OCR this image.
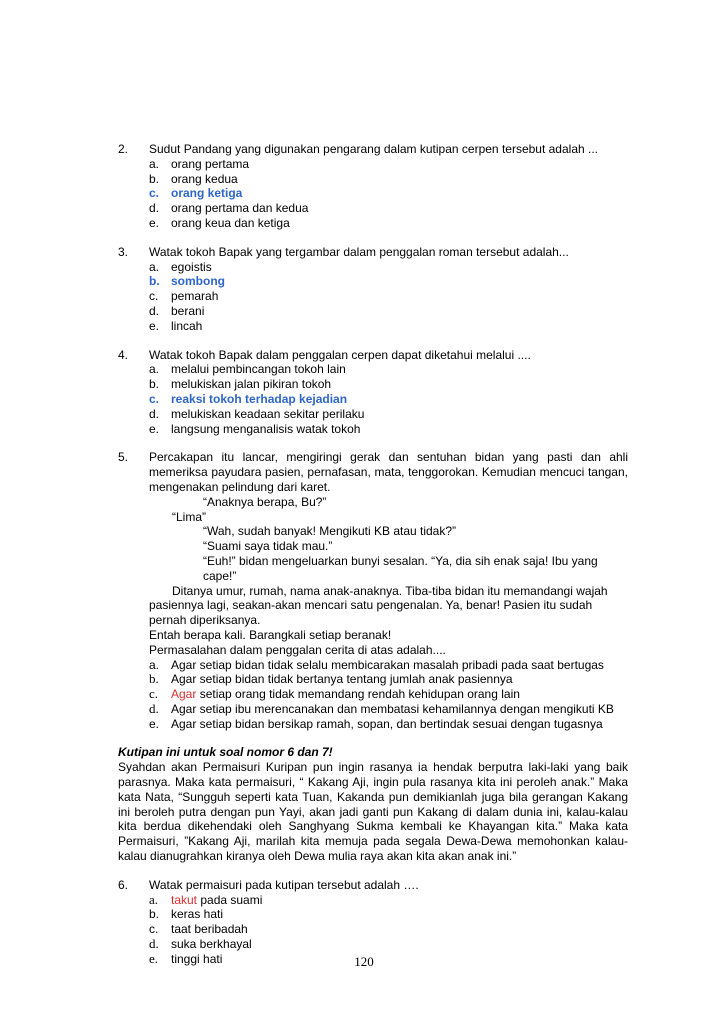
2.	Sudut Pandang yang digunakan pengarang dalam kutipan cerpen tersebut adalah ...
a. orang pertama
b. orang kedua
c. orang ketiga
d. orang pertama dan kedua
e. orang keua dan ketiga
3.	Watak tokoh Bapak yang tergambar dalam penggalan roman tersebut adalah...
a. egoistis
b. sombong
c.	pemarah
d. berani
e. lincah
4.	Watak tokoh Bapak dalam penggalan cerpen dapat diketahui melalui ....
a. melalui pembincangan tokoh lain
b. melukiskan jalan pikiran tokoh
c. reaksi tokoh terhadap kejadian
d. melukiskan keadaan sekitar perilaku
e. langsung menganalisis watak tokoh
5.	Percakapan itu lancar, mengiringi gerak dan sentuhan bidan yang pasti dan ahli memeriksa payudara pasien, pernafasan, mata, tenggorokan. Kemudian mencuci tangan, mengenakan pelindung dari karet.
“Anaknya berapa, Bu?”
“Lima”
“Wah, sudah banyak! Mengikuti KB atau tidak?”
“Suami saya tidak mau.”
“Euh!” bidan mengeluarkan bunyi sesalan. “Ya, dia sih enak saja! Ibu yang cape!”
Ditanya umur, rumah, nama anak-anaknya. Tiba-tiba bidan itu memandangi wajah
pasiennya lagi, seakan-akan mencari satu pengenalan. Ya, benar! Pasien itu sudah
pernah diperiksanya.
Entah berapa kali. Barangkali setiap beranak!
Permasalahan dalam penggalan cerita di atas adalah....
a. Agar setiap bidan tidak selalu membicarakan masalah pribadi pada saat bertugas
b.	Agar setiap bidan tidak bertanya tentang jumlah anak pasiennya
c.	Agar setiap orang tidak memandang rendah kehidupan orang lain
d.	Agar setiap ibu merencanakan dan membatasi kehamilannya dengan mengikuti KB
e. Agar setiap bidan bersikap ramah, sopan, dan bertindak sesuai dengan tugasnya
Kutipan ini untuk soal nomor 6 dan 7!
Syahdan akan Permaisuri Kuripan pun ingin rasanya ia hendak berputra laki-laki yang baik parasnya. Maka kata permaisuri, “ Kakang Aji, ingin pula rasanya kita ini peroleh anak.” Maka kata Nata, “Sungguh seperti kata Tuan, Kakanda pun demikianlah juga bila gerangan Kakang ini beroleh putra dengan pun Yayi, akan jadi ganti pun Kakang di dalam dunia ini, kalau-kalau kita berdua dikehendaki oleh Sanghyang Sukma kembali ke Khayangan kita.” Maka kata Permaisuri, ”Kakang Aji, marilah kita memuja pada segala Dewa-Dewa memohonkan kalau-kalau dianugrahkan kiranya oleh Dewa mulia raya akan kita akan anak ini.”
6.	Watak permaisuri pada kutipan tersebut adalah ….
a.	takut pada suami
b. keras hati
c.	taat beribadah
d.	suka berkhayal
e.	tinggi hati	120
